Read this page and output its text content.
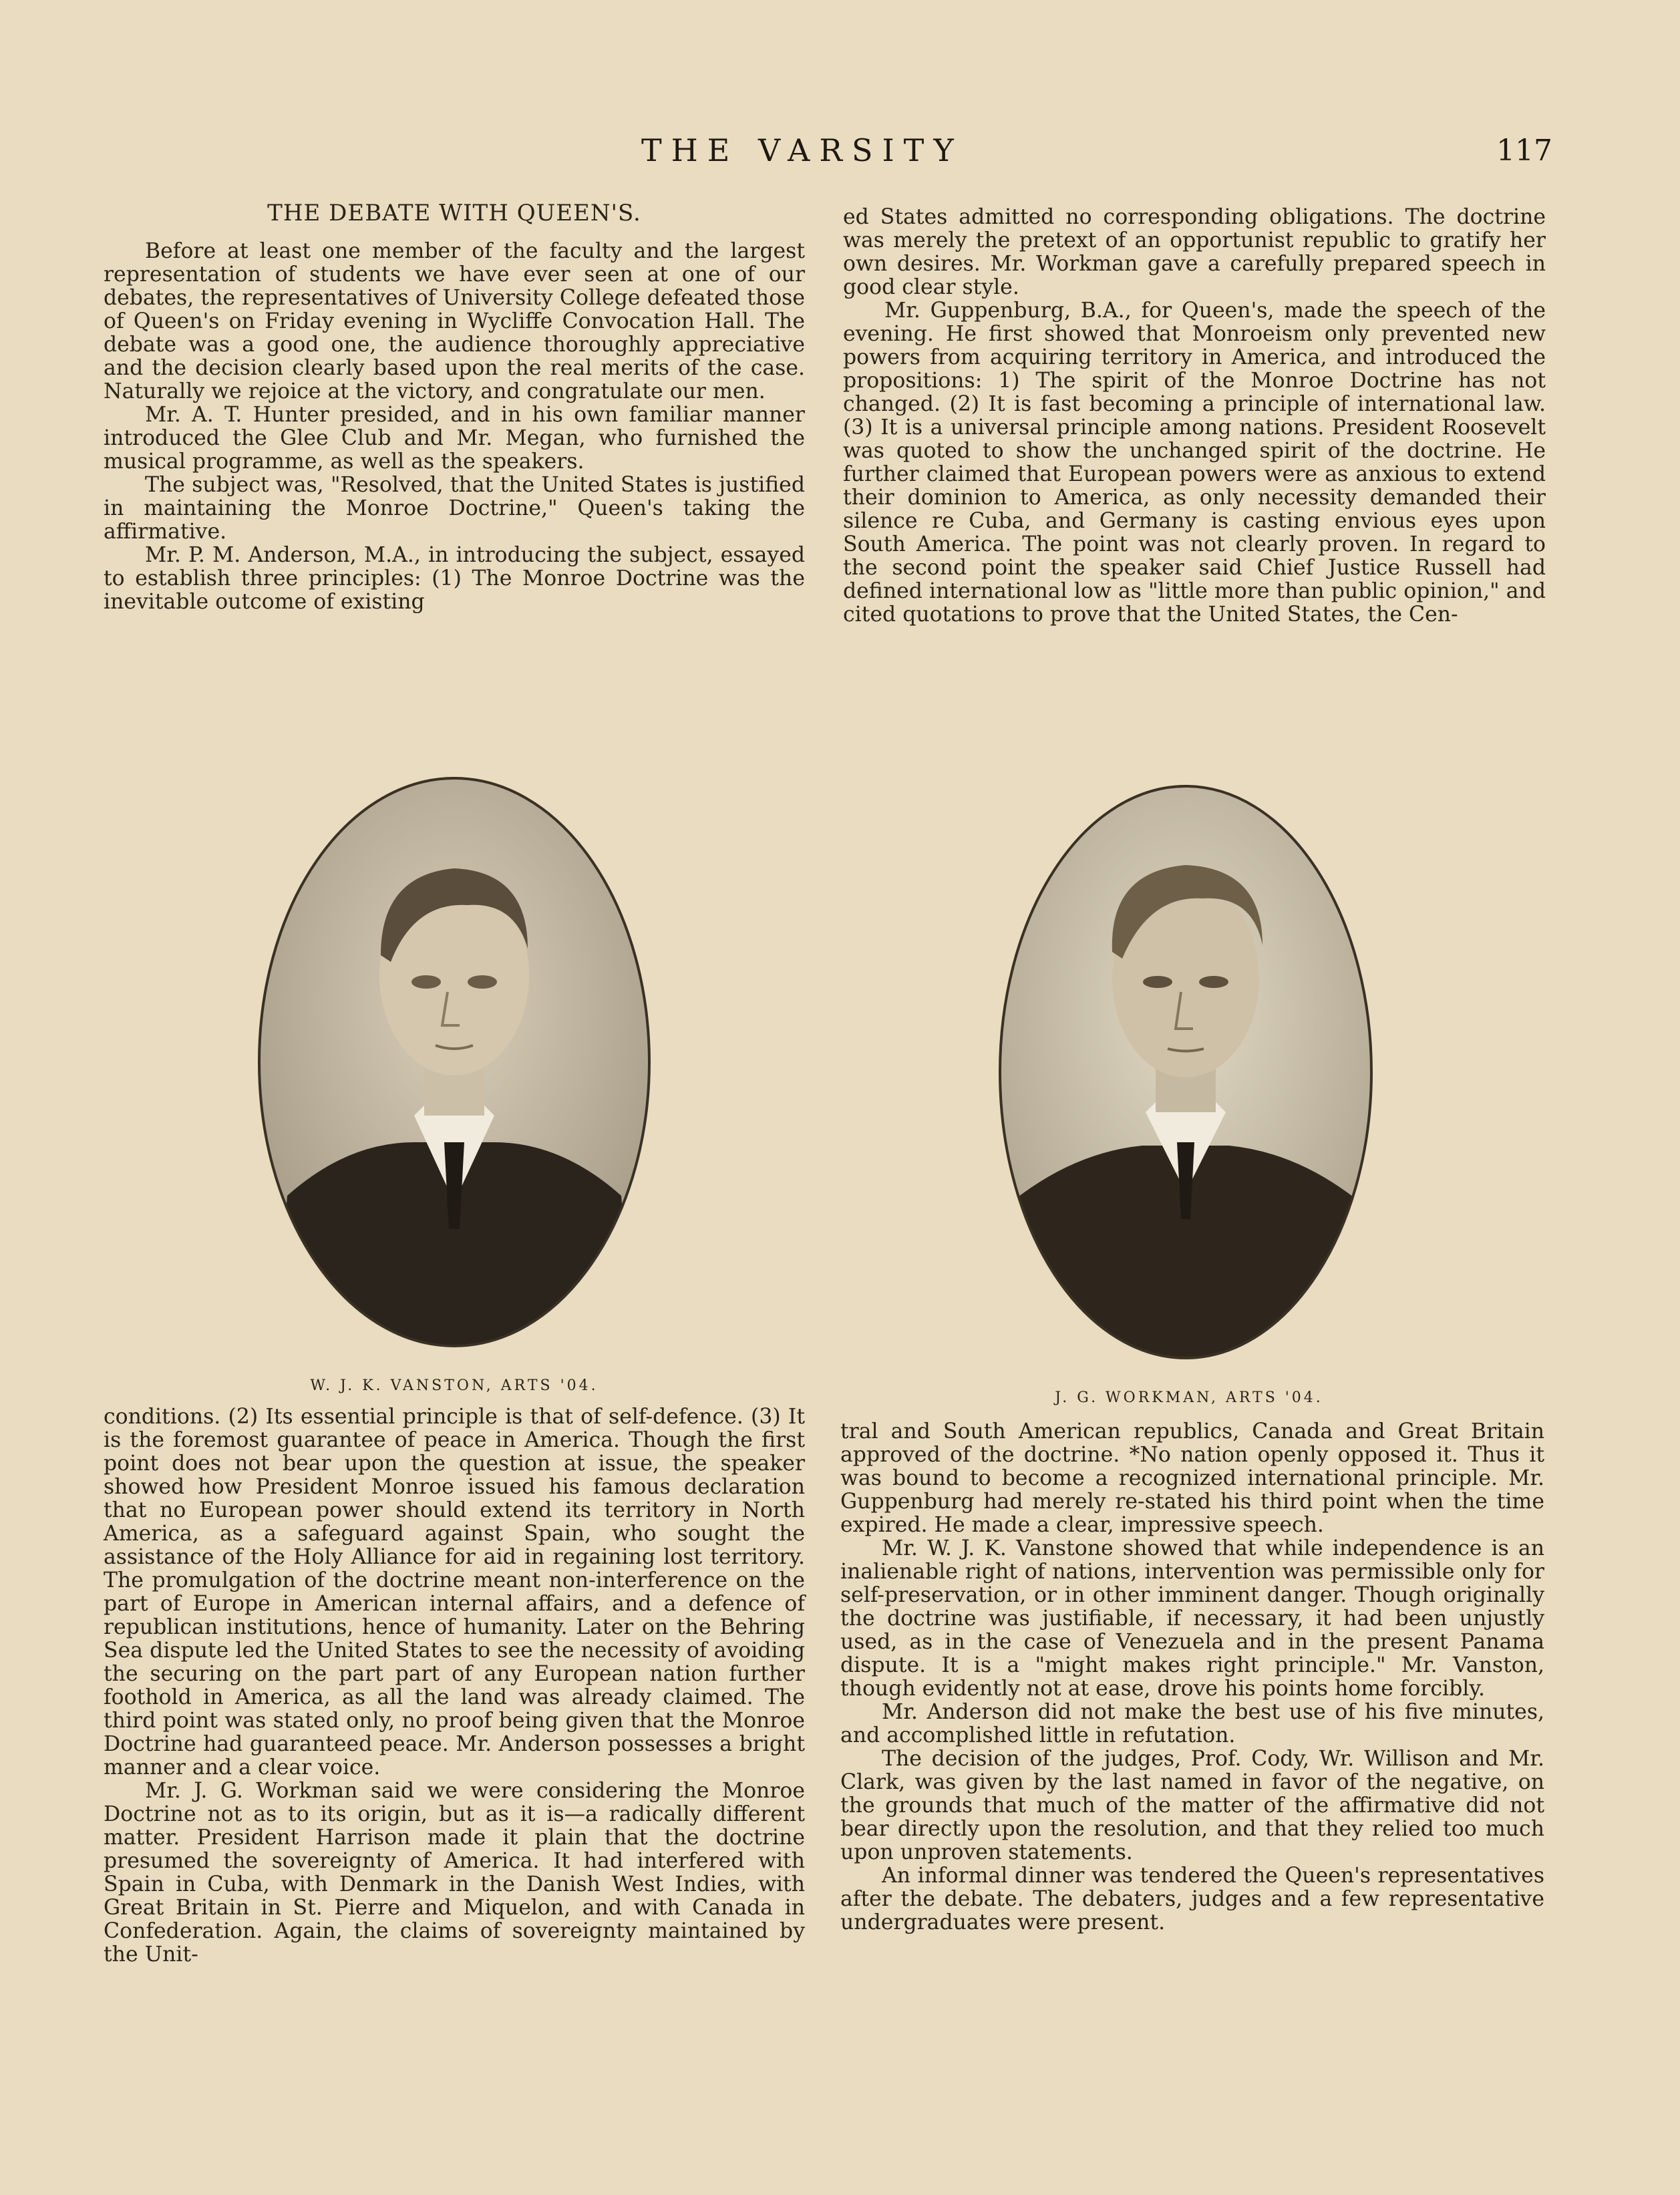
THE VARSITY	117
THE DEBATE WITH QUEEN'S.

Before at least one member of the faculty and the largest representation of students we have ever seen at one of our debates, the representatives of University College defeated those of Queen's on Friday evening in Wycliffe Convocation Hall. The debate was a good one, the audience thoroughly appreciative and the decision clearly based upon the real merits of the case. Naturally we rejoice at the victory, and congratulate our men.

Mr. A. T. Hunter presided, and in his own familiar manner introduced the Glee Club and Mr. Megan, who furnished the musical programme, as well as the speakers.

The subject was, "Resolved, that the United States is justified in maintaining the Monroe Doctrine," Queen's taking the affirmative.

Mr. P. M. Anderson, M.A., in introducing the subject, essayed to establish three principles: (1) The Monroe Doctrine was the inevitable outcome of existing

ed States admitted no corresponding obligations. The doctrine was merely the pretext of an opportunist republic to gratify her own desires. Mr. Workman gave a carefully prepared speech in good clear style.

Mr. Guppenburg, B.A., for Queen's, made the speech of the evening. He first showed that Monroeism only prevented new powers from acquiring territory in America, and introduced the propositions: 1) The spirit of the Monroe Doctrine has not changed. (2) It is fast becoming a principle of international law. (3) It is a universal principle among nations. President Roosevelt was quoted to show the unchanged spirit of the doctrine. He further claimed that European powers were as anxious to extend their dominion to America, as only necessity demanded their silence re Cuba, and Germany is casting envious eyes upon South America. The point was not clearly proven. In regard to the second point the speaker said Chief Justice Russell had defined international low as "little more than public opinion," and cited quotations to prove that the United States, the Cen-

W. J. K. VANSTON, ARTS '04.
J. G. WORKMAN, ARTS '04.

conditions. (2) Its essential principle is that of self-defence. (3) It is the foremost guarantee of peace in America. Though the first point does not bear upon the question at issue, the speaker showed how President Monroe issued his famous declaration that no European power should extend its territory in North America, as a safeguard against Spain, who sought the assistance of the Holy Alliance for aid in regaining lost territory. The promulgation of the doctrine meant non-interference on the part of Europe in American internal affairs, and a defence of republican institutions, hence of humanity. Later on the Behring Sea dispute led the United States to see the necessity of avoiding the securing on the part part of any European nation further foothold in America, as all the land was already claimed. The third point was stated only, no proof being given that the Monroe Doctrine had guaranteed peace. Mr. Anderson possesses a bright manner and a clear voice.

Mr. J. G. Workman said we were considering the Monroe Doctrine not as to its origin, but as it is—a radically different matter. President Harrison made it plain that the doctrine presumed the sovereignty of America. It had interfered with Spain in Cuba, with Denmark in the Danish West Indies, with Great Britain in St. Pierre and Miquelon, and with Canada in Confederation. Again, the claims of sovereignty maintained by the Unit-

tral and South American republics, Canada and Great Britain approved of the doctrine. *No nation openly opposed it. Thus it was bound to become a recognized international principle. Mr. Guppenburg had merely re-stated his third point when the time expired. He made a clear, impressive speech.

Mr. W. J. K. Vanstone showed that while independence is an inalienable right of nations, intervention was permissible only for self-preservation, or in other imminent danger. Though originally the doctrine was justifiable, if necessary, it had been unjustly used, as in the case of Venezuela and in the present Panama dispute. It is a "might makes right principle." Mr. Vanston, though evidently not at ease, drove his points home forcibly.

Mr. Anderson did not make the best use of his five minutes, and accomplished little in refutation.

The decision of the judges, Prof. Cody, Wr. Willison and Mr. Clark, was given by the last named in favor of the negative, on the grounds that much of the matter of the affirmative did not bear directly upon the resolution, and that they relied too much upon unproven statements.

An informal dinner was tendered the Queen's representatives after the debate. The debaters, judges and a few representative undergraduates were present.
